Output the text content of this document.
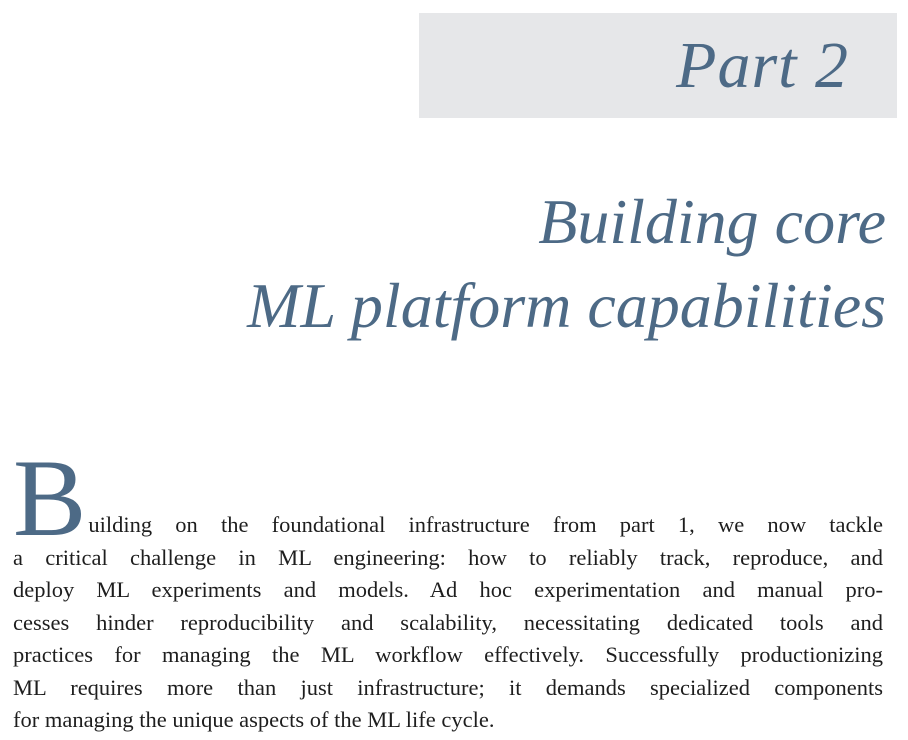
Part 2
Building core
ML platform capabilities
B uilding on the foundational infrastructure from part 1, we now tackle
a critical challenge in ML engineering: how to reliably track, reproduce, and
deploy ML experiments and models. Ad hoc experimentation and manual pro-
cesses hinder reproducibility and scalability, necessitating dedicated tools and
practices for managing the ML workflow effectively. Successfully productionizing
ML requires more than just infrastructure; it demands specialized components
for managing the unique aspects of the ML life cycle.
